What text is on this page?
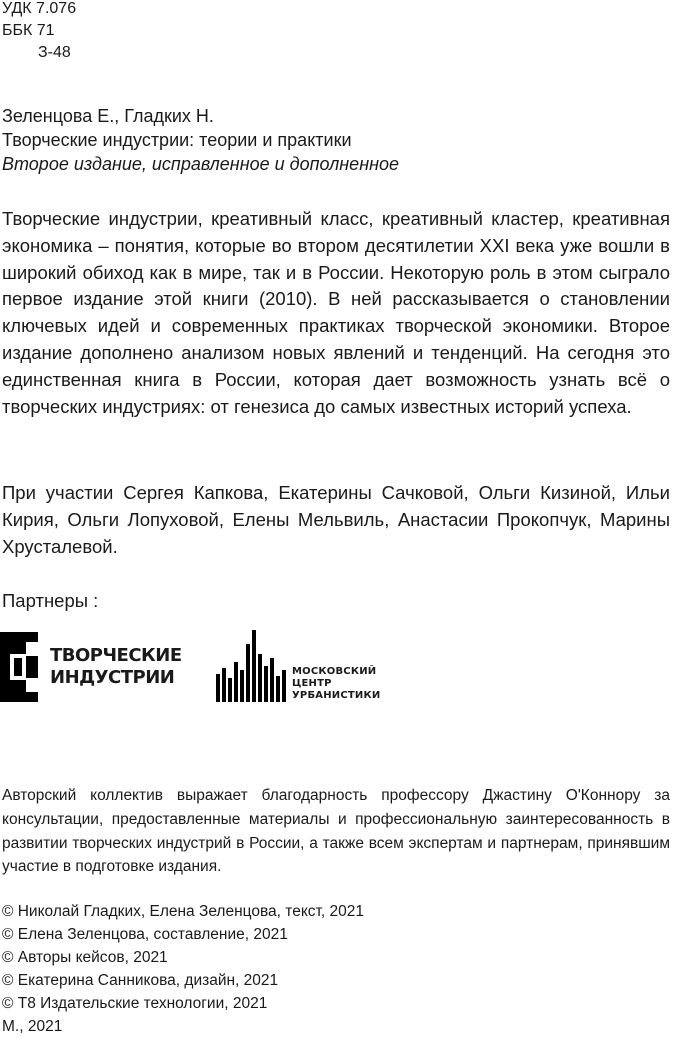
УДК 7.076
ББК 71
З-48
Зеленцова Е., Гладких Н.
Творческие индустрии: теории и практики
Второе издание, исправленное и дополненное
Творческие индустрии, креативный класс, креативный кластер, креативная экономика – понятия, которые во втором десятилетии XXI века уже вошли в широкий обиход как в мире, так и в России. Некоторую роль в этом сыграло первое издание этой книги (2010). В ней рассказывается о становлении ключевых идей и современных практиках творческой экономики. Второе издание дополнено анализом новых явлений и тенденций. На сегодня это единственная книга в России, которая дает возможность узнать всё о творческих индустриях: от генезиса до самых известных историй успеха.
При участии Сергея Капкова, Екатерины Сачковой, Ольги Кизиной, Ильи Кирия, Ольги Лопуховой, Елены Мельвиль, Анастасии Прокопчук, Марины Хрусталевой.
Партнеры :
ТВОРЧЕСКИЕ
ИНДУСТРИИ	МОСКОВСКИЙ
ЦЕНТР
УРБАНИСТИКИ
Авторский коллектив выражает благодарность профессору Джастину О'Коннору за консультации, предоставленные материалы и профессиональную заинтересованность в развитии творческих индустрий в России, а также всем экспертам и партнерам, принявшим участие в подготовке издания.
© Николай Гладких, Елена Зеленцова, текст, 2021
© Елена Зеленцова, составление, 2021
© Авторы кейсов, 2021
© Екатерина Санникова, дизайн, 2021
© Т8 Издательские технологии, 2021
М., 2021
